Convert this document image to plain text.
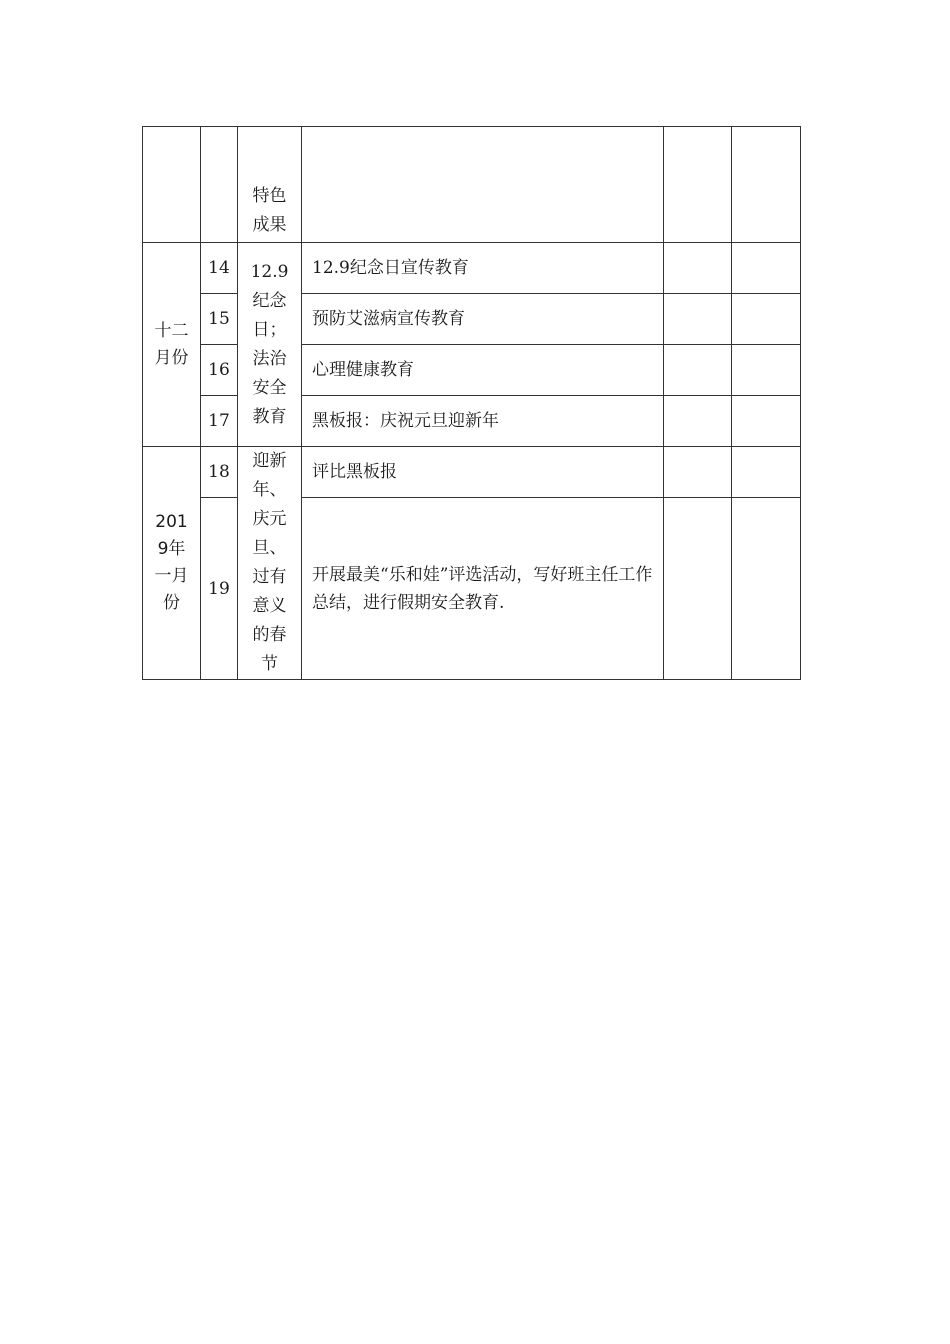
		特色成果			
十二月份	14	12.9纪念日；法治安全教育	12.9纪念日宣传教育		
	15		预防艾滋病宣传教育		
	16		心理健康教育		
	17		黑板报：庆祝元旦迎新年		
2019年一月份	18	迎新年、庆元旦、过有意义的春节	评比黑板报		
	19		开展最美“乐和娃”评选活动，写好班主任工作总结，进行假期安全教育.		
